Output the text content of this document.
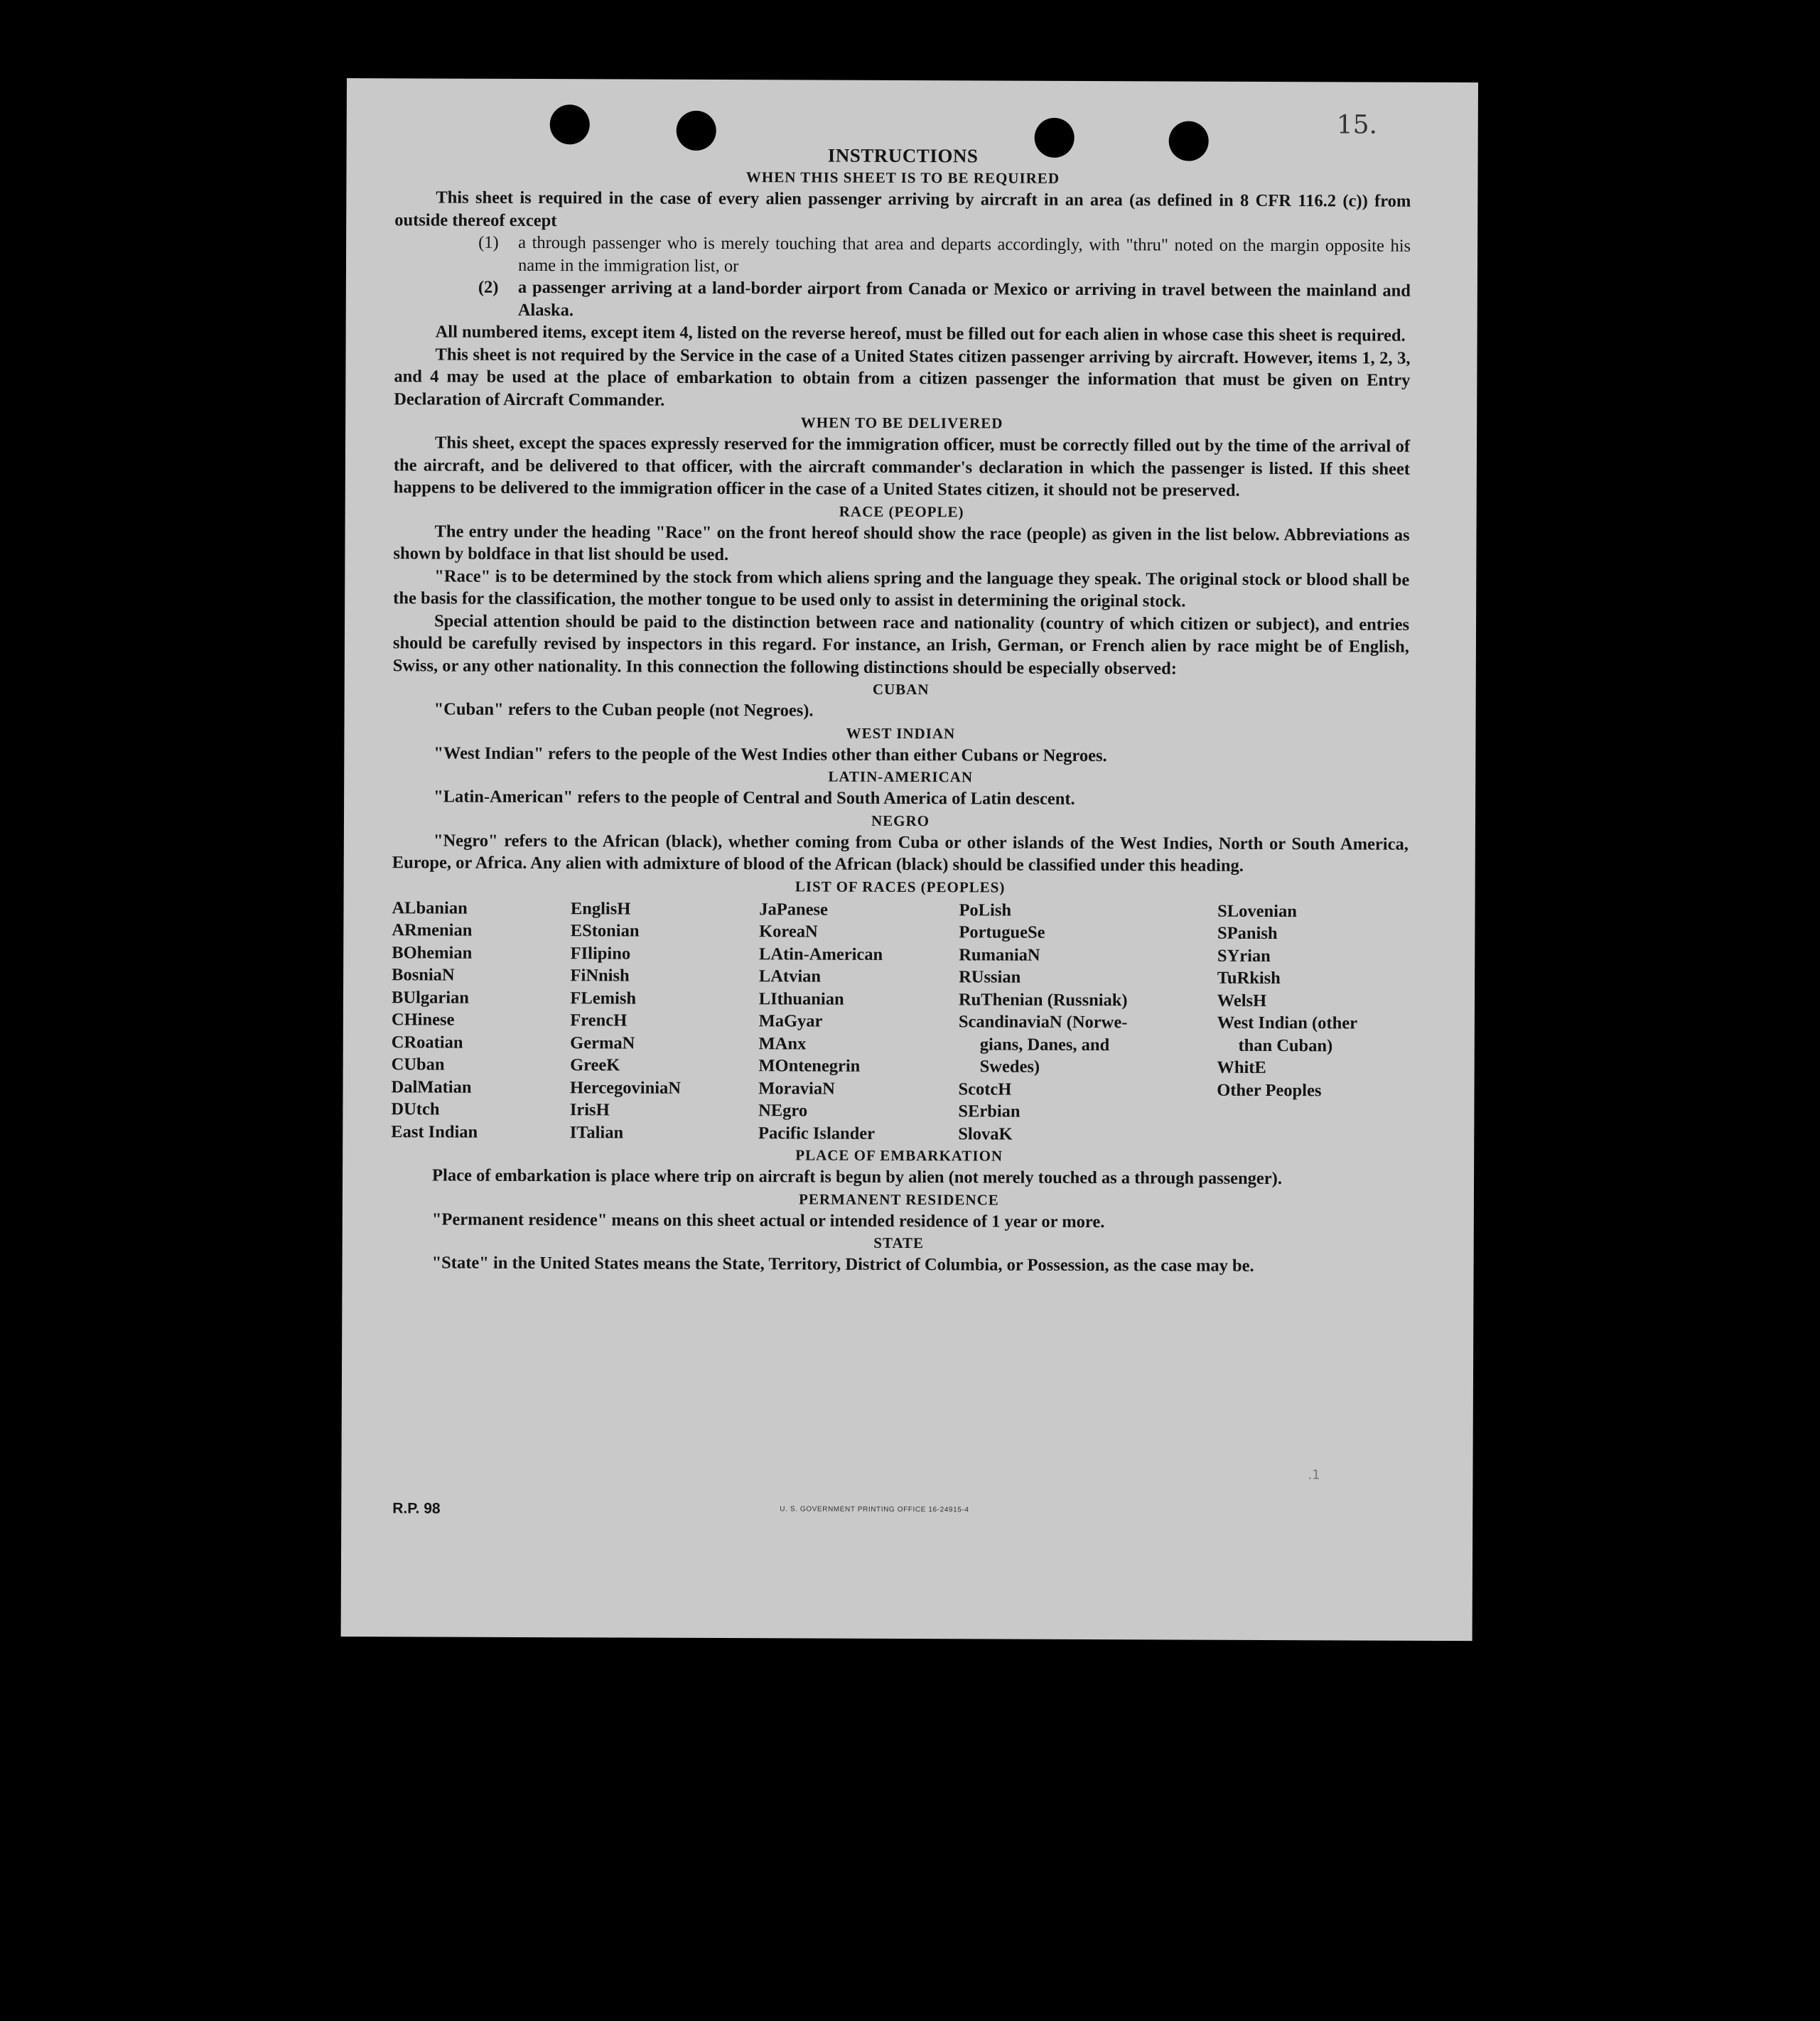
15.
.1
INSTRUCTIONS
WHEN THIS SHEET IS TO BE REQUIRED

This sheet is required in the case of every alien passenger arriving by aircraft in an area (as defined in 8 CFR 116.2 (c)) from outside thereof except

(1) a through passenger who is merely touching that area and departs accordingly, with "thru" noted on the margin opposite his name in the immigration list, or
(2) a passenger arriving at a land-border airport from Canada or Mexico or arriving in travel between the mainland and Alaska.

All numbered items, except item 4, listed on the reverse hereof, must be filled out for each alien in whose case this sheet is required.

This sheet is not required by the Service in the case of a United States citizen passenger arriving by aircraft. However, items 1, 2, 3, and 4 may be used at the place of embarkation to obtain from a citizen passenger the information that must be given on Entry Declaration of Aircraft Commander.

WHEN TO BE DELIVERED

This sheet, except the spaces expressly reserved for the immigration officer, must be correctly filled out by the time of the arrival of the aircraft, and be delivered to that officer, with the aircraft commander's declaration in which the passenger is listed. If this sheet happens to be delivered to the immigration officer in the case of a United States citizen, it should not be preserved.

RACE (PEOPLE)

The entry under the heading "Race" on the front hereof should show the race (people) as given in the list below. Abbreviations as shown by boldface in that list should be used.

"Race" is to be determined by the stock from which aliens spring and the language they speak. The original stock or blood shall be the basis for the classification, the mother tongue to be used only to assist in determining the original stock.

Special attention should be paid to the distinction between race and nationality (country of which citizen or subject), and entries should be carefully revised by inspectors in this regard. For instance, an Irish, German, or French alien by race might be of English, Swiss, or any other nationality. In this connection the following distinctions should be especially observed:

CUBAN

"Cuban" refers to the Cuban people (not Negroes).

WEST INDIAN

"West Indian" refers to the people of the West Indies other than either Cubans or Negroes.

LATIN-AMERICAN

"Latin-American" refers to the people of Central and South America of Latin descent.

NEGRO

"Negro" refers to the African (black), whether coming from Cuba or other islands of the West Indies, North or South America, Europe, or Africa. Any alien with admixture of blood of the African (black) should be classified under this heading.

LIST OF RACES (PEOPLES)
ALbanian
ARmenian
BOhemian
BosniaN
BUlgarian
CHinese
CRoatian
CUban
DalMatian
DUtch
East Indian
EnglisH
EStonian
FIlipino
FiNnish
FLemish
FrencH
GermaN
GreeK
HercegoviniaN
IrisH
ITalian
JaPanese
KoreaN
LAtin-American
LAtvian
LIthuanian
MaGyar
MAnx
MOntenegrin
MoraviaN
NEgro
Pacific Islander
PoLish
PortugueSe
RumaniaN
RUssian
RuThenian (Russniak)
ScandinaviaN (Norwe-
gians, Danes, and
Swedes)
ScotcH
SErbian
SlovaK
SLovenian
SPanish
SYrian
TuRkish
WelsH
West Indian (other
than Cuban)
WhitE
Other Peoples
PLACE OF EMBARKATION

Place of embarkation is place where trip on aircraft is begun by alien (not merely touched as a through passenger).

PERMANENT RESIDENCE

"Permanent residence" means on this sheet actual or intended residence of 1 year or more.

STATE

"State" in the United States means the State, Territory, District of Columbia, or Possession, as the case may be.

R.P. 98	U. S. GOVERNMENT PRINTING OFFICE 16-24915-4
